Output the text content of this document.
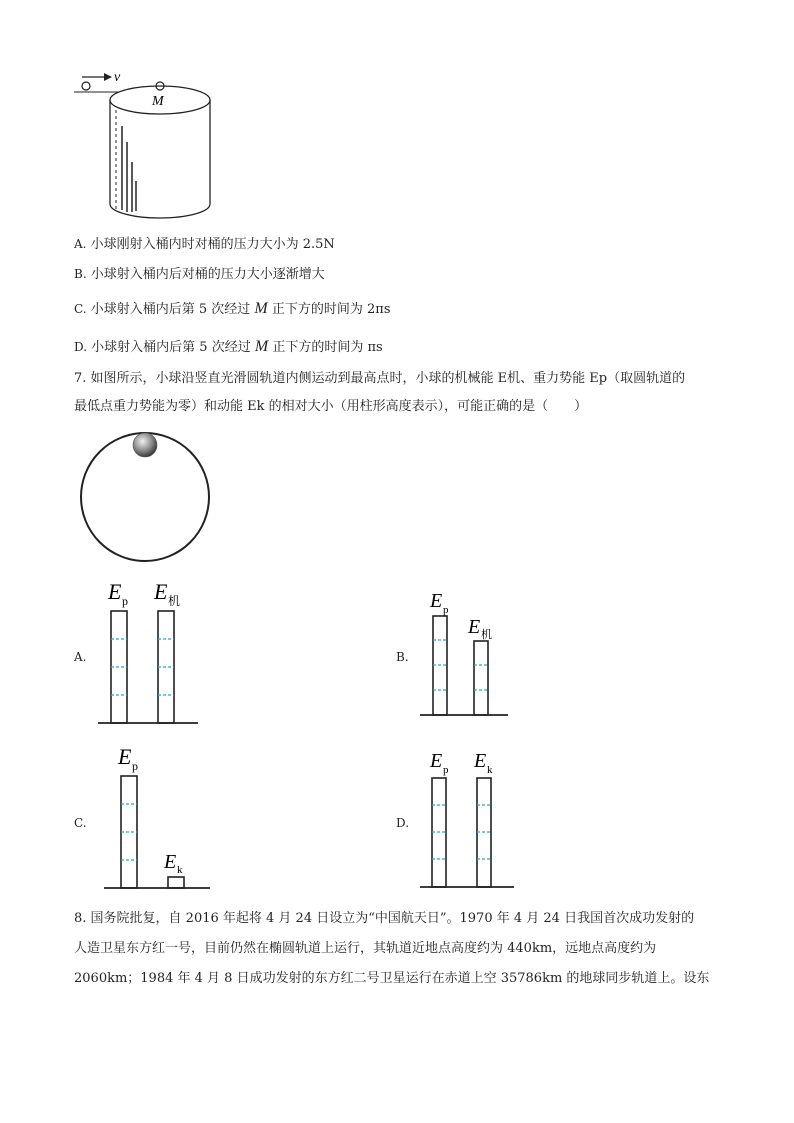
v
M
A. 小球刚射入桶内时对桶的压力大小为 2.5N
B. 小球射入桶内后对桶的压力大小逐渐增大
C. 小球射入桶内后第 5 次经过 M 正下方的时间为 2πs
D. 小球射入桶内后第 5 次经过 M 正下方的时间为 πs
7. 如图所示，小球沿竖直光滑圆轨道内侧运动到最高点时，小球的机械能 E机、重力势能 Ep（取圆轨道的
最低点重力势能为零）和动能 Ek 的相对大小（用柱形高度表示），可能正确的是（　　）
A.
E p E 机
B.
E p
E 机
C.
E p
E k
D.
E p E k
8. 国务院批复，自 2016 年起将 4 月 24 日设立为“中国航天日”。1970 年 4 月 24 日我国首次成功发射的
人造卫星东方红一号，目前仍然在椭圆轨道上运行，其轨道近地点高度约为 440km，远地点高度约为
2060km；1984 年 4 月 8 日成功发射的东方红二号卫星运行在赤道上空 35786km 的地球同步轨道上。设东
